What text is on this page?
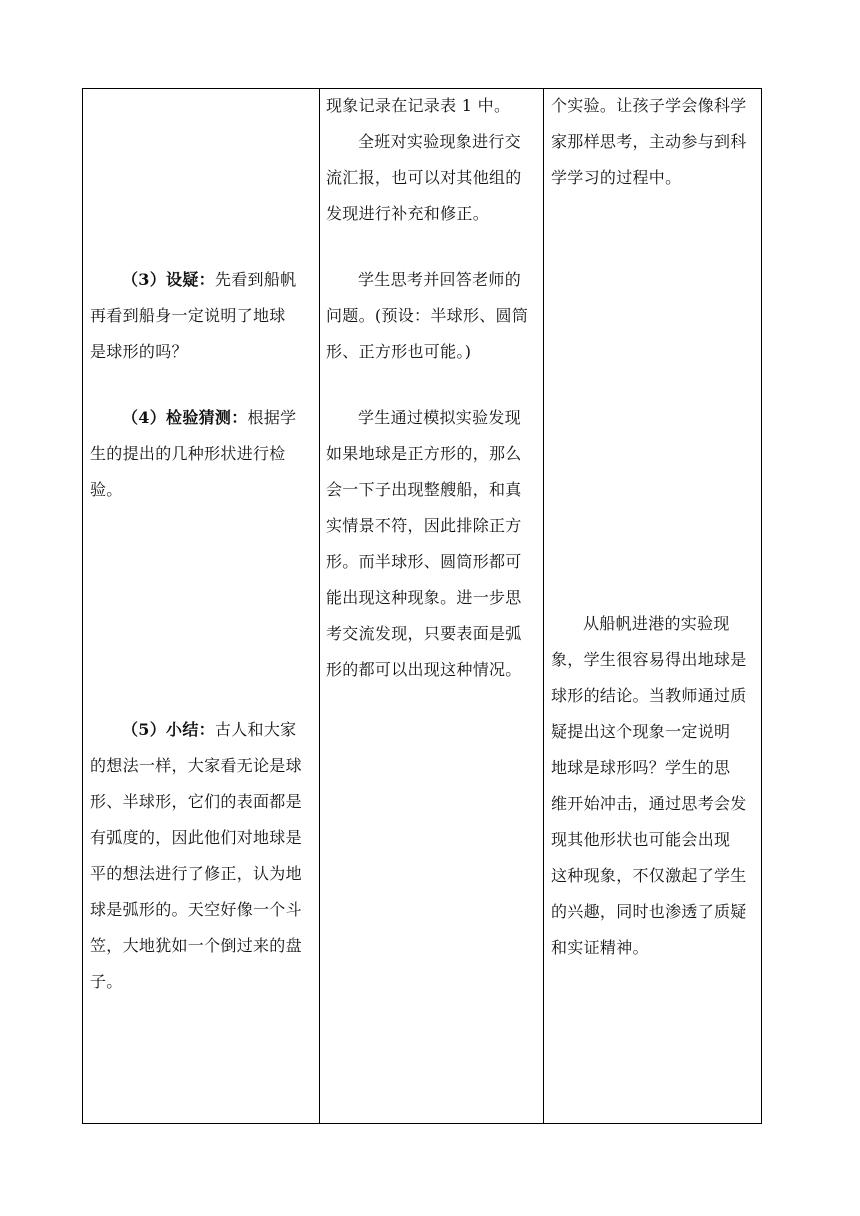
（3）设疑：先看到船帆
再看到船身一定说明了地球
是球形的吗？
（4）检验猜测：根据学
生的提出的几种形状进行检
验。
（5）小结：古人和大家
的想法一样，大家看无论是球
形、半球形，它们的表面都是
有弧度的，因此他们对地球是
平的想法进行了修正，认为地
球是弧形的。天空好像一个斗
笠，大地犹如一个倒过来的盘
子。
现象记录在记录表 1 中。
全班对实验现象进行交
流汇报，也可以对其他组的
发现进行补充和修正。
学生思考并回答老师的
问题。(预设：半球形、圆筒
形、正方形也可能。)
学生通过模拟实验发现
如果地球是正方形的，那么
会一下子出现整艘船，和真
实情景不符，因此排除正方
形。而半球形、圆筒形都可
能出现这种现象。进一步思
考交流发现，只要表面是弧
形的都可以出现这种情况。
个实验。让孩子学会像科学
家那样思考，主动参与到科
学学习的过程中。
从船帆进港的实验现
象，学生很容易得出地球是
球形的结论。当教师通过质
疑提出这个现象一定说明
地球是球形吗？学生的思
维开始冲击，通过思考会发
现其他形状也可能会出现
这种现象，不仅激起了学生
的兴趣，同时也渗透了质疑
和实证精神。
